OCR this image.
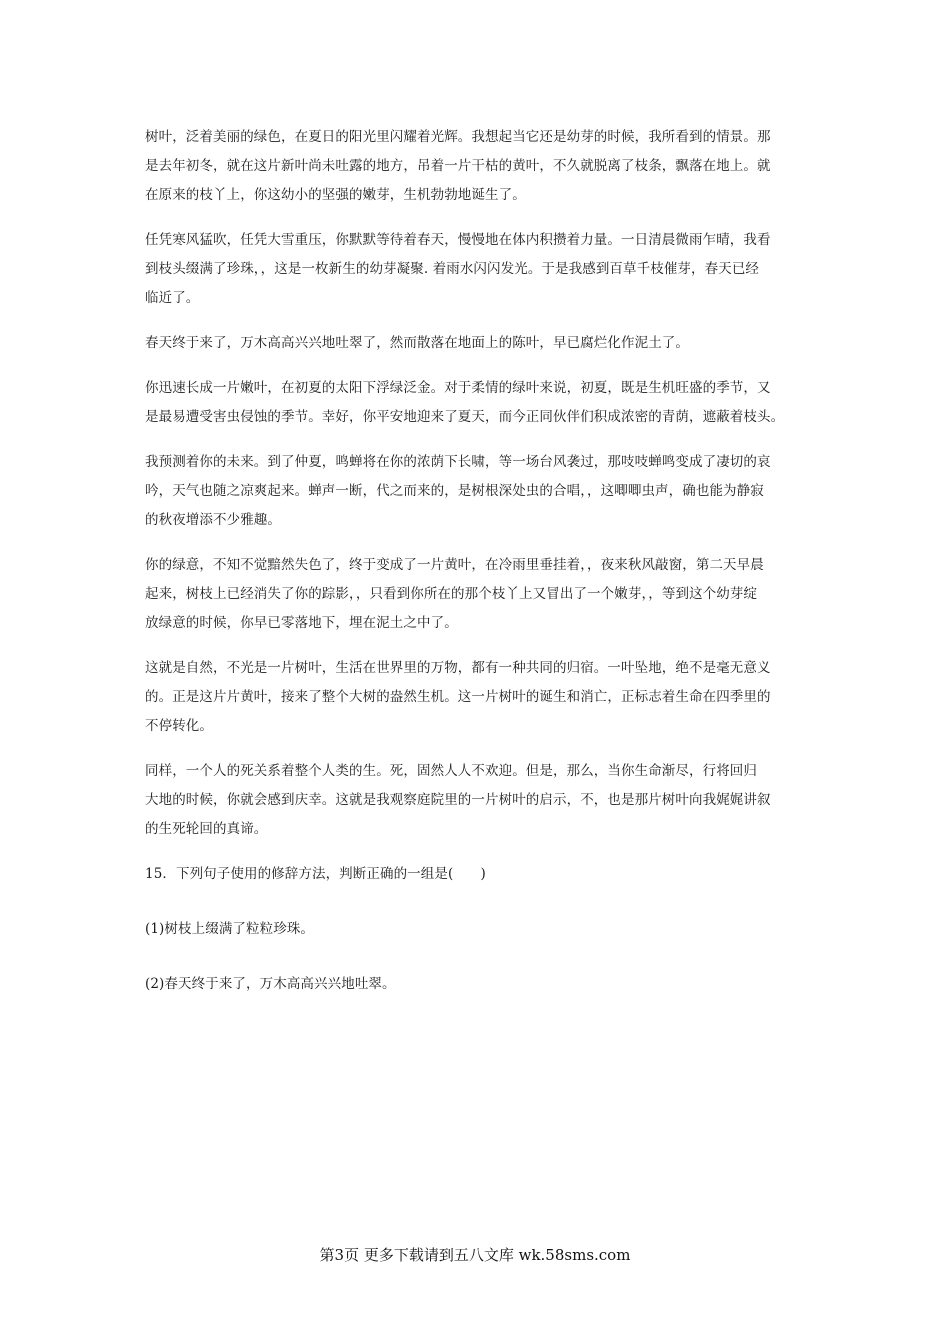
树叶，泛着美丽的绿色，在夏日的阳光里闪耀着光辉。我想起当它还是幼芽的时候，我所看到的情景。那
是去年初冬，就在这片新叶尚未吐露的地方，吊着一片干枯的黄叶，不久就脱离了枝条，飘落在地上。就
在原来的枝丫上，你这幼小的坚强的嫩芽，生机勃勃地诞生了。
任凭寒风猛吹，任凭大雪重压，你默默等待着春天，慢慢地在体内积攒着力量。一日清晨微雨乍晴，我看
到枝头缀满了珍珠，，这是一枚新生的幼芽凝聚. 着雨水闪闪发光。于是我感到百草千枝催芽，春天已经
临近了。
春天终于来了，万木高高兴兴地吐翠了，然而散落在地面上的陈叶，早已腐烂化作泥土了。
你迅速长成一片嫩叶，在初夏的太阳下浮绿泛金。对于柔情的绿叶来说，初夏，既是生机旺盛的季节，又
是最易遭受害虫侵蚀的季节。幸好，你平安地迎来了夏天，而今正同伙伴们积成浓密的青荫，遮蔽着枝头。
我预测着你的未来。到了仲夏，鸣蝉将在你的浓荫下长啸，等一场台风袭过，那吱吱蝉鸣变成了凄切的哀
吟，天气也随之凉爽起来。蝉声一断，代之而来的，是树根深处虫的合唱，，这唧唧虫声，确也能为静寂
的秋夜增添不少雅趣。
你的绿意，不知不觉黯然失色了，终于变成了一片黄叶，在冷雨里垂挂着，，夜来秋风敲窗，第二天早晨
起来，树枝上已经消失了你的踪影，，只看到你所在的那个枝丫上又冒出了一个嫩芽，，等到这个幼芽绽
放绿意的时候，你早已零落地下，埋在泥土之中了。
这就是自然，不光是一片树叶，生活在世界里的万物，都有一种共同的归宿。一叶坠地，绝不是毫无意义
的。正是这片片黄叶，接来了整个大树的盎然生机。这一片树叶的诞生和消亡，正标志着生命在四季里的
不停转化。
同样，一个人的死关系着整个人类的生。死，固然人人不欢迎。但是，那么，当你生命渐尽，行将回归
大地的时候，你就会感到庆幸。这就是我观察庭院里的一片树叶的启示，不，也是那片树叶向我娓娓讲叙
的生死轮回的真谛。
15．下列句子使用的修辞方法，判断正确的一组是(　　)
(1)树枝上缀满了粒粒珍珠。
(2)春天终于来了，万木高高兴兴地吐翠。
第3页 更多下载请到五八文库 wk.58sms.com
